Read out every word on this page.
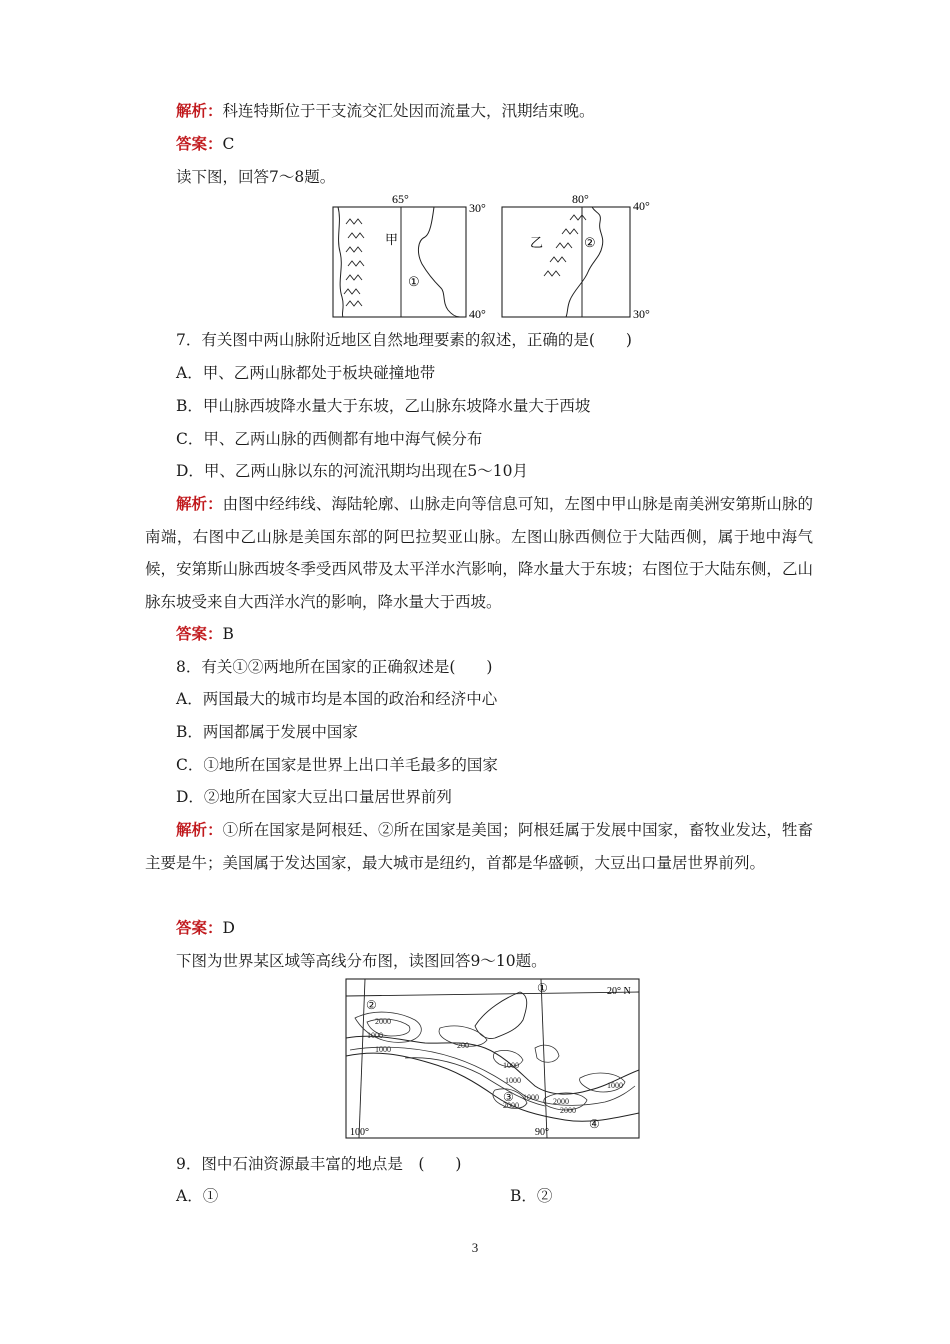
解析：科连特斯位于干支流交汇处因而流量大，汛期结束晚。
答案：C
读下图，回答7～8题。
65°
30°
40°
甲
①
80°	40°
30°
乙	②
7．有关图中两山脉附近地区自然地理要素的叙述，正确的是(　　)
A．甲、乙两山脉都处于板块碰撞地带
B．甲山脉西坡降水量大于东坡，乙山脉东坡降水量大于西坡
C．甲、乙两山脉的西侧都有地中海气候分布
D．甲、乙两山脉以东的河流汛期均出现在5～10月
解析：由图中经纬线、海陆轮廓、山脉走向等信息可知，左图中甲山脉是南美洲安第斯山脉的南端，右图中乙山脉是美国东部的阿巴拉契亚山脉。左图山脉西侧位于大陆西侧，属于地中海气候，安第斯山脉西坡冬季受西风带及太平洋水汽影响，降水量大于东坡；右图位于大陆东侧，乙山脉东坡受来自大西洋水汽的影响，降水量大于西坡。
答案：B
8．有关①②两地所在国家的正确叙述是(　　)
A．两国最大的城市均是本国的政治和经济中心
B．两国都属于发展中国家
C．①地所在国家是世界上出口羊毛最多的国家
D．②地所在国家大豆出口量居世界前列
解析：①所在国家是阿根廷、②所在国家是美国；阿根廷属于发展中国家，畜牧业发达，牲畜主要是牛；美国属于发达国家，最大城市是纽约，首都是华盛顿，大豆出口量居世界前列。
答案：D
下图为世界某区域等高线分布图，读图回答9～10题。
20° N
100°	90°
2000
1000
1000	200
1000
1000
2000
1000 2000
2000
1000
①
②
③
④
9．图中石油资源最丰富的地点是　(　　)
A．①	B．②
3
